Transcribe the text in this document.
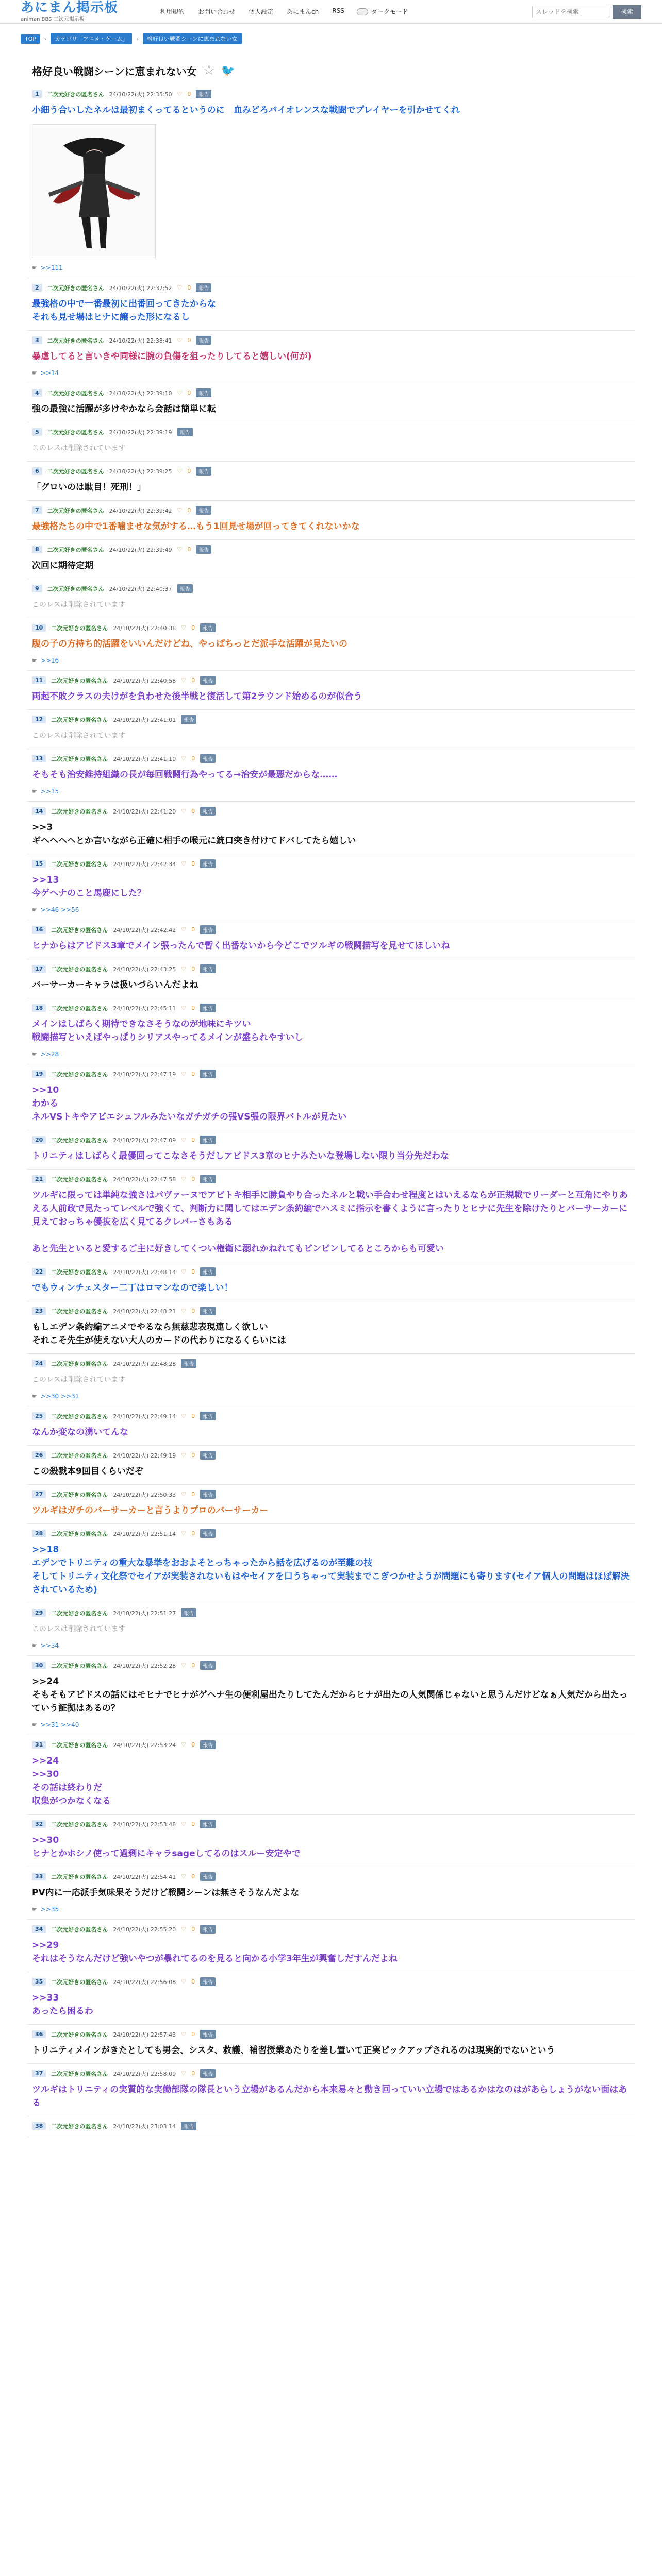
あにまん掲示板
animan BBS 二次元掲示板
利用規約 お問い合わせ 個人設定 あにまんch RSS	ダークモード
スレッドを検索	検索
TOP	›	カテゴリ「アニメ・ゲーム」	›	格好良い戦闘シーンに恵まれない女
格好良い戦闘シーンに恵まれない女 ☆ 🐦
1	二次元好きの匿名さん 24/10/22(火) 22:35:50 ♡ 0	報告
小細う合いしたネルは最初まくってるというのに　血みどろバイオレンスな戦闘でプレイヤーを引かせてくれ
☛ >>111
2	二次元好きの匿名さん 24/10/22(火) 22:37:52 ♡ 0	報告
最強格の中で一番最初に出番回ってきたからな
それも見せ場はヒナに譲った形になるし
3	二次元好きの匿名さん 24/10/22(火) 22:38:41 ♡ 0	報告
暴虐してると言いきや同様に腕の負傷を狙ったりしてると嬉しい(何が)
☛ >>14
4	二次元好きの匿名さん 24/10/22(火) 22:39:10 ♡ 0	報告
強の最強に活躍が多けやかなら会話は簡単に転
5	二次元好きの匿名さん 24/10/22(火) 22:39:19	報告
このレスは削除されています
6	二次元好きの匿名さん 24/10/22(火) 22:39:25 ♡ 0	報告
「グロいのは駄目！死刑！」
7	二次元好きの匿名さん 24/10/22(火) 22:39:42 ♡ 0	報告
最強格たちの中で1番噛ませな気がする…もう1回見せ場が回ってきてくれないかな
8	二次元好きの匿名さん 24/10/22(火) 22:39:49 ♡ 0	報告
次回に期待定期
9	二次元好きの匿名さん 24/10/22(火) 22:40:37	報告
このレスは削除されています
10	二次元好きの匿名さん 24/10/22(火) 22:40:38 ♡ 0	報告
腹の子の方持ち的活躍をいいんだけどね、やっぱちっとだ派手な活躍が見たいの
☛ >>16
11	二次元好きの匿名さん 24/10/22(火) 22:40:58 ♡ 0	報告
両起不敗クラスの夫けがを負わせた後半戦と復活して第2ラウンド始めるのが似合う
12	二次元好きの匿名さん 24/10/22(火) 22:41:01	報告
このレスは削除されています
13	二次元好きの匿名さん 24/10/22(火) 22:41:10 ♡ 0	報告
そもそも治安維持組織の長が毎回戦闘行為やってる→治安が最悪だからな……
☛ >>15
14	二次元好きの匿名さん 24/10/22(火) 22:41:20 ♡ 0	報告
>>3
ギヘヘヘヘとか言いながら正確に相手の喉元に銃口突き付けてドバしてたら嬉しい
15	二次元好きの匿名さん 24/10/22(火) 22:42:34 ♡ 0	報告
>>13
今ゲヘナのこと馬鹿にした？
☛ >>46 >>56
16	二次元好きの匿名さん 24/10/22(火) 22:42:42 ♡ 0	報告
ヒナからはアビドス3章でメイン張ったんで暫く出番ないから今どこでツルギの戦闘描写を見せてほしいね
17	二次元好きの匿名さん 24/10/22(火) 22:43:25 ♡ 0	報告
バーサーカーキャラは扱いづらいんだよね
18	二次元好きの匿名さん 24/10/22(火) 22:45:11 ♡ 0	報告
メインはしばらく期待できなさそうなのが地味にキツい
戦闘描写といえばやっぱりシリアスやってるメインが盛られやすいし
☛ >>28
19	二次元好きの匿名さん 24/10/22(火) 22:47:19 ♡ 0	報告
>>10
わかる
ネルVSトキやアビエシュフルみたいなガチガチの張VS張の限界バトルが見たい
20	二次元好きの匿名さん 24/10/22(火) 22:47:09 ♡ 0	報告
トリニティはしばらく最優回ってこなさそうだしアビドス3章のヒナみたいな登場しない限り当分先だわな
21	二次元好きの匿名さん 24/10/22(火) 22:47:58 ♡ 0	報告
ツルギに限っては単純な強さはパヴァーヌでアビトキ相手に勝負やり合ったネルと戦い手合わせ程度とはいえるならが正規戦でリーダーと互角にやりあえる人前政で見たってレベルで強くて、判断力に関してはエデン条約編でハスミに指示を書くように言ったりとヒナに先生を除けたりとバーサーカーに見えておっちゃ優抜を広く見てるクレバーさもある

あと先生といると愛するご主に好きしてくつい権衛に溺れかねれてもビンビンしてるところからも可愛い
22	二次元好きの匿名さん 24/10/22(火) 22:48:14 ♡ 0	報告
でもウィンチェスター二丁はロマンなので楽しい！
23	二次元好きの匿名さん 24/10/22(火) 22:48:21 ♡ 0	報告
もしエデン条約編アニメでやるなら無慈悲表現連しく欲しい
それこそ先生が使えない大人のカードの代わりになるくらいには
24	二次元好きの匿名さん 24/10/22(火) 22:48:28	報告
このレスは削除されています
☛ >>30 >>31
25	二次元好きの匿名さん 24/10/22(火) 22:49:14 ♡ 0	報告
なんか変なの湧いてんな
26	二次元好きの匿名さん 24/10/22(火) 22:49:19 ♡ 0	報告
この殺戮本9回目くらいだぞ
27	二次元好きの匿名さん 24/10/22(火) 22:50:33 ♡ 0	報告
ツルギはガチのバーサーカーと言うよりプロのバーサーカー
28	二次元好きの匿名さん 24/10/22(火) 22:51:14 ♡ 0	報告
>>18
エデンでトリニティの重大な暴挙をおおよそとっちゃったから話を広げるのが至難の技
そしてトリニティ文化祭でセイアが実装されないもはやセイアを口うちゃって実装までこぎつかせようが問題にも寄ります(セイア個人の問題はほぼ解決されているため)
29	二次元好きの匿名さん 24/10/22(火) 22:51:27	報告
このレスは削除されています
☛ >>34
30	二次元好きの匿名さん 24/10/22(火) 22:52:28 ♡ 0	報告
>>24
そもそもアビドスの話にはモヒナでヒナがゲヘナ生の便利屋出たりしてたんだからヒナが出たの人気関係じゃないと思うんだけどなぁ人気だから出たっていう証拠はあるの？
☛ >>31 >>40
31	二次元好きの匿名さん 24/10/22(火) 22:53:24 ♡ 0	報告
>>24
>>30
その話は終わりだ
収集がつかなくなる
32	二次元好きの匿名さん 24/10/22(火) 22:53:48 ♡ 0	報告
>>30
ヒナとかホシノ使って過剰にキャラsageしてるのはスルー安定やで
33	二次元好きの匿名さん 24/10/22(火) 22:54:41 ♡ 0	報告
PV内に一応派手気味果そうだけど戦闘シーンは無さそうなんだよな
☛ >>35
34	二次元好きの匿名さん 24/10/22(火) 22:55:20 ♡ 0	報告
>>29
それはそうなんだけど強いやつが暴れてるのを見ると向かる小学3年生が興奮しだすんだよね
35	二次元好きの匿名さん 24/10/22(火) 22:56:08 ♡ 0	報告
>>33
あったら困るわ
36	二次元好きの匿名さん 24/10/22(火) 22:57:43 ♡ 0	報告
トリニティメインがきたとしても男会、シスタ、救護、補習授業あたりを差し置いて正実ピックアップされるのは現実的でないという
37	二次元好きの匿名さん 24/10/22(火) 22:58:09 ♡ 0	報告
ツルギはトリニティの実質的な実働部隊の隊長という立場があるんだから本来易々と動き回っていい立場ではあるかはなのはがあらしょうがない面はある
38	二次元好きの匿名さん 24/10/22(火) 23:03:14	報告
